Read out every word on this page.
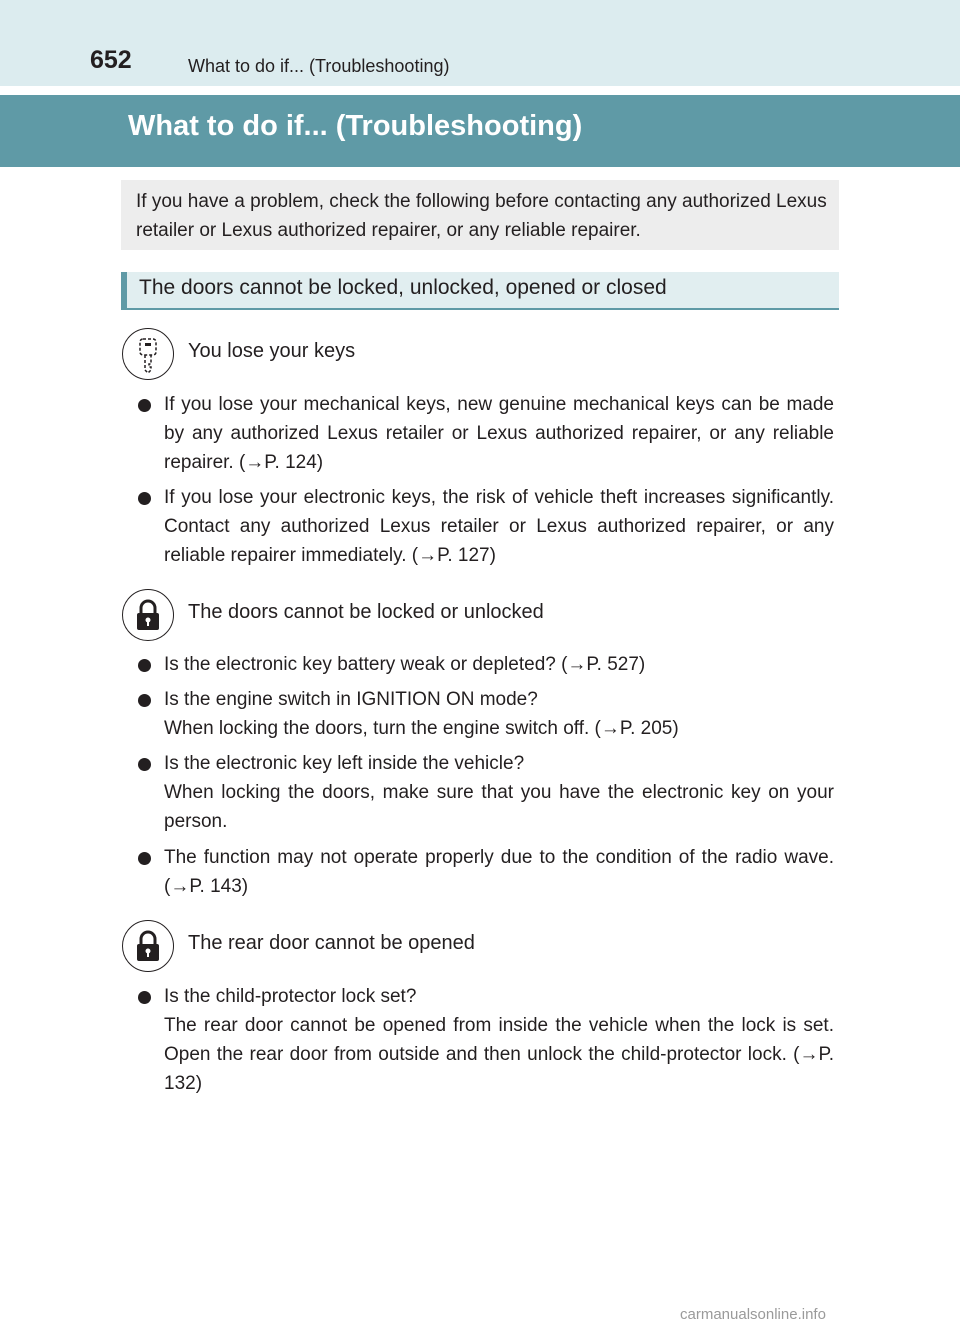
652	What to do if... (Troubleshooting)
What to do if... (Troubleshooting)
If you have a problem, check the following before contacting any authorized Lexus retailer or Lexus authorized repairer, or any reliable repairer.
The doors cannot be locked, unlocked, opened or closed
You lose your keys
If you lose your mechanical keys, new genuine mechanical keys can be made by any authorized Lexus retailer or Lexus authorized repairer, or any reliable repairer. (→P. 124)
If you lose your electronic keys, the risk of vehicle theft increases significantly. Contact any authorized Lexus retailer or Lexus authorized repairer, or any reliable repairer immediately. (→P. 127)
The doors cannot be locked or unlocked
Is the electronic key battery weak or depleted? (→P. 527)
Is the engine switch in IGNITION ON mode?
When locking the doors, turn the engine switch off. (→P. 205)
Is the electronic key left inside the vehicle?
When locking the doors, make sure that you have the electronic key on your person.
The function may not operate properly due to the condition of the radio wave. (→P. 143)
The rear door cannot be opened
Is the child-protector lock set?
The rear door cannot be opened from inside the vehicle when the lock is set. Open the rear door from outside and then unlock the child-protector lock. (→P. 132)
carmanualsonline.info
